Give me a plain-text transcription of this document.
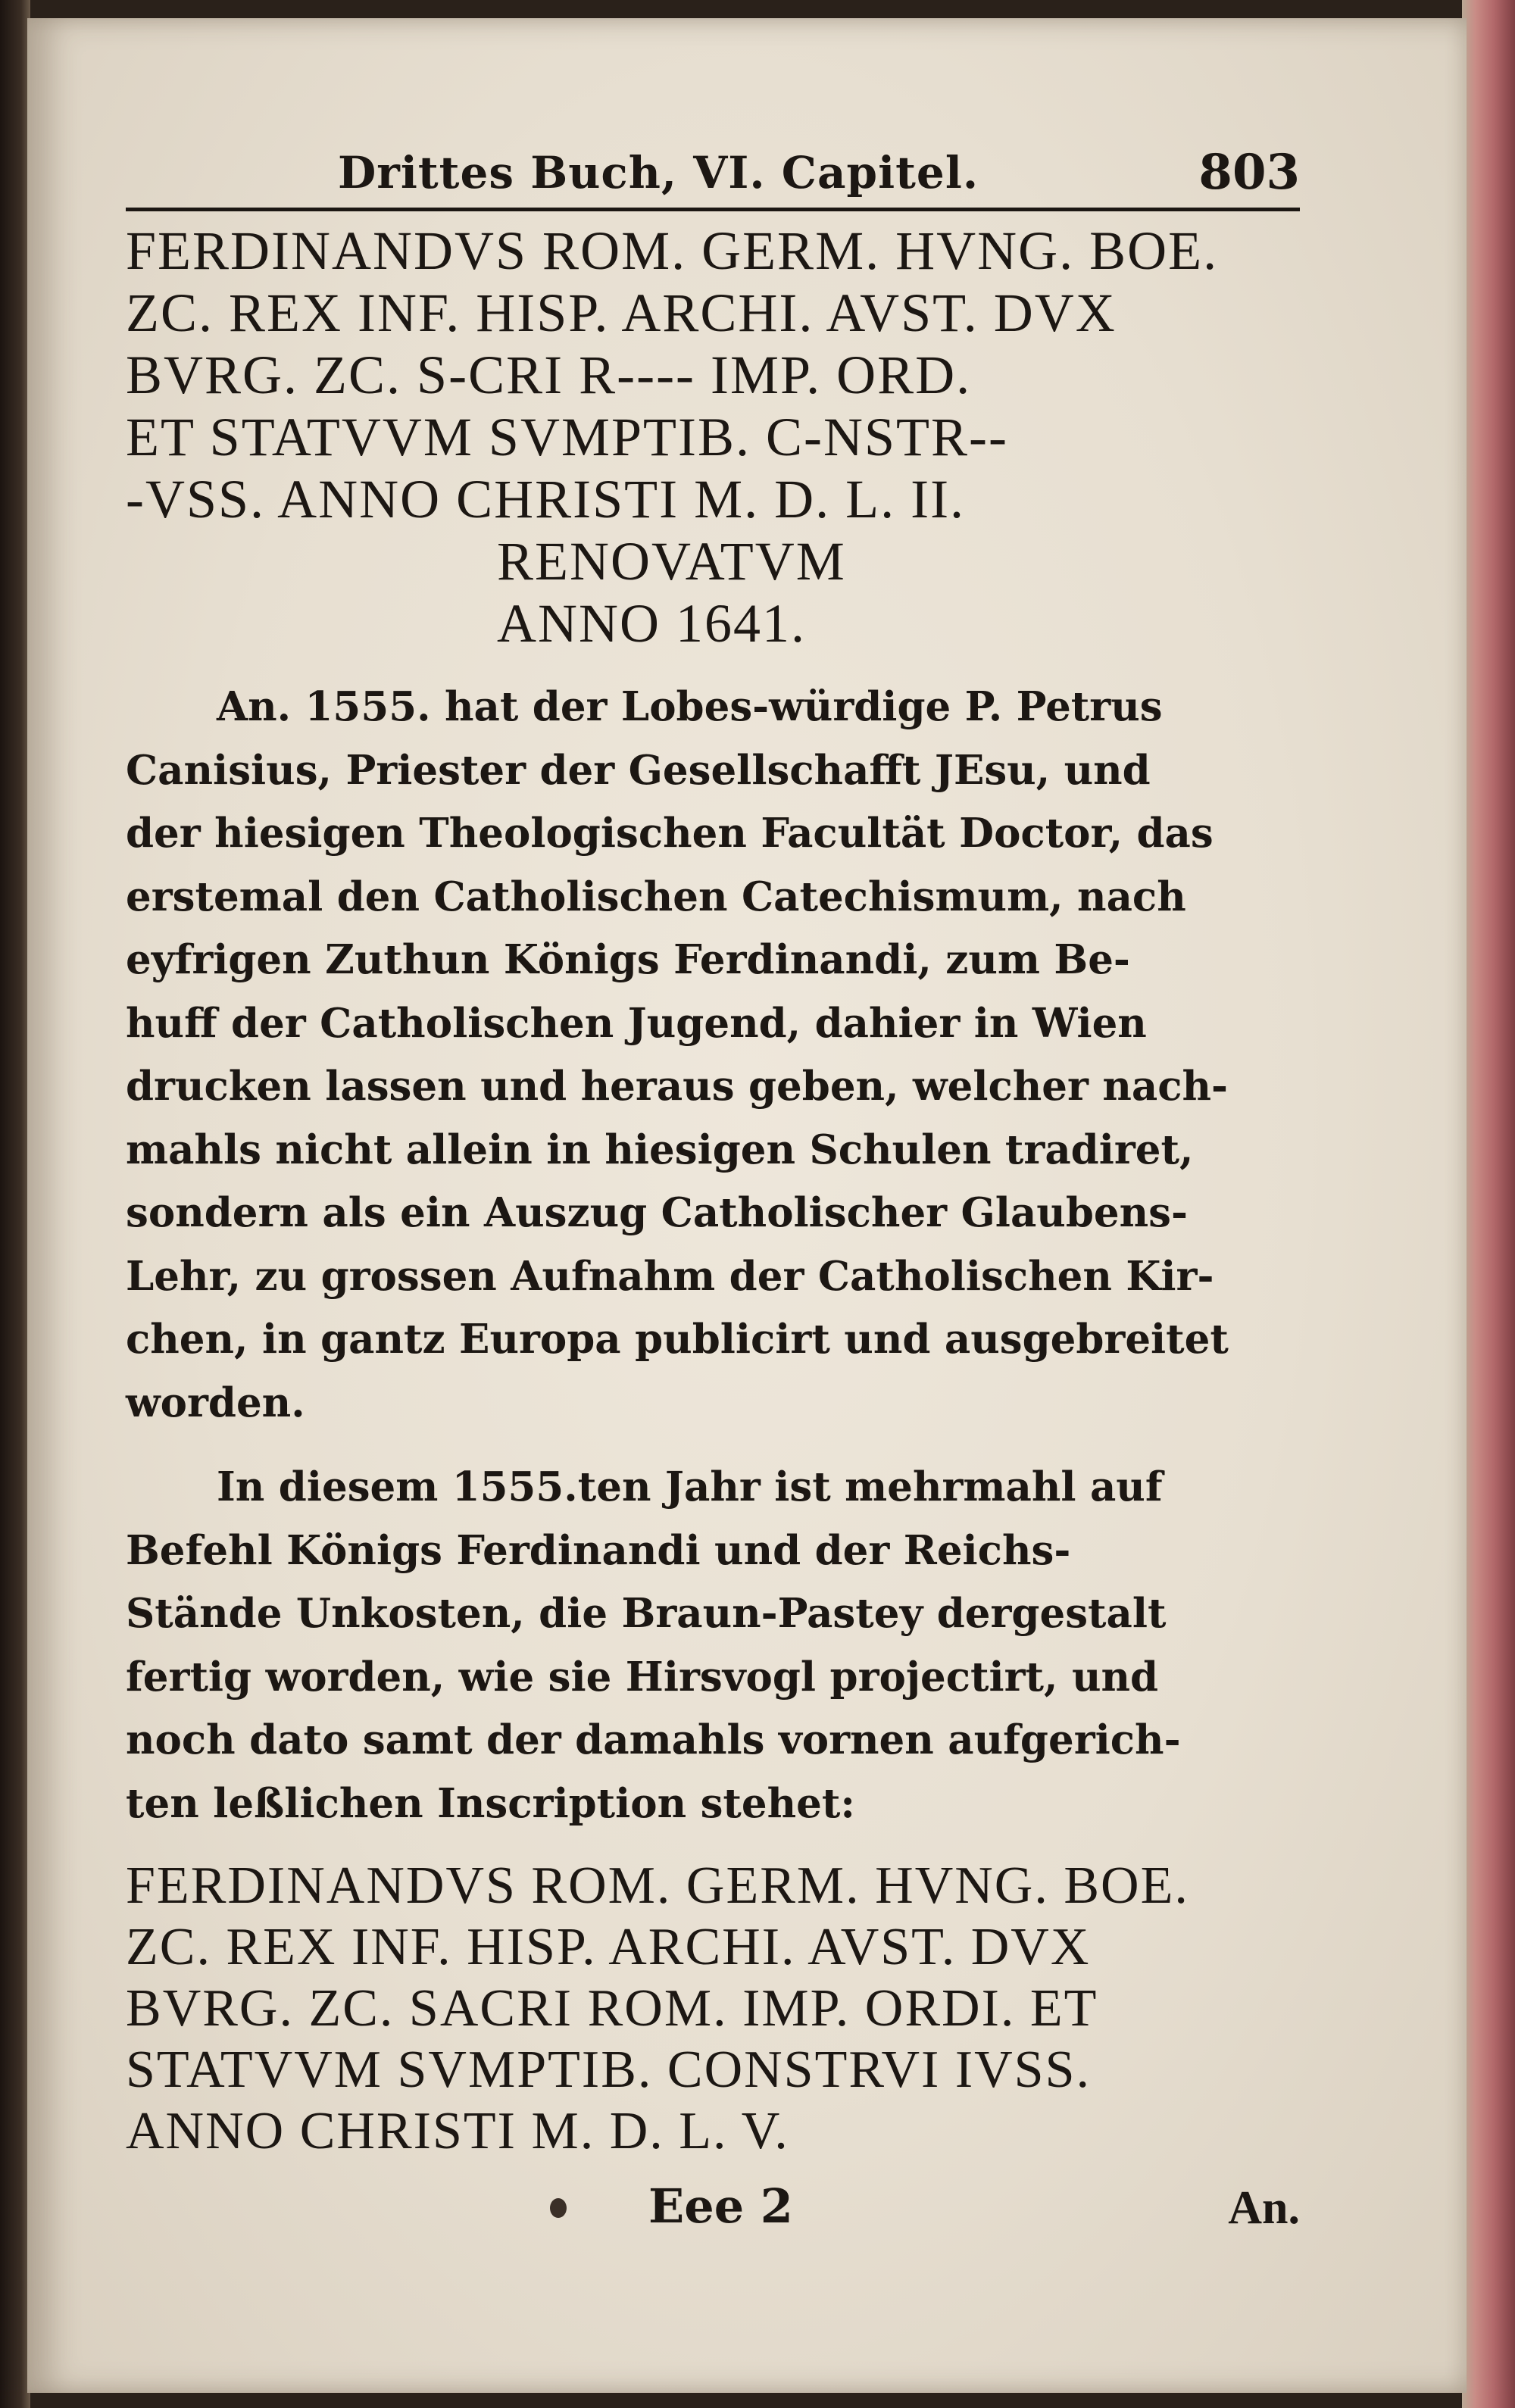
Drittes Buch, VI. Capitel.	803
FERDINANDVS ROM. GERM. HVNG. BOE.
ZC. REX INF. HISP. ARCHI. AVST. DVX
BVRG. ZC. S-CRI R---- IMP. ORD.
ET STATVVM SVMPTIB. C-NSTR--
-VSS. ANNO CHRISTI M. D. L. II.
RENOVATVM
ANNO 1641.
An. 1555. hat der Lobes-würdige P. Petrus
Canisius, Priester der Gesellschafft JEsu, und
der hiesigen Theologischen Facultät Doctor, das
erstemal den Catholischen Catechismum, nach
eyfrigen Zuthun Königs Ferdinandi, zum Be-
huff der Catholischen Jugend, dahier in Wien
drucken lassen und heraus geben, welcher nach-
mahls nicht allein in hiesigen Schulen tradiret,
sondern als ein Auszug Catholischer Glaubens-
Lehr, zu grossen Aufnahm der Catholischen Kir-
chen, in gantz Europa publicirt und ausgebreitet
worden.
In diesem 1555.ten Jahr ist mehrmahl auf
Befehl Königs Ferdinandi und der Reichs-
Stände Unkosten, die Braun-Pastey dergestalt
fertig worden, wie sie Hirsvogl projectirt, und
noch dato samt der damahls vornen aufgerich-
ten leßlichen Inscription stehet:
FERDINANDVS ROM. GERM. HVNG. BOE.
ZC. REX INF. HISP. ARCHI. AVST. DVX
BVRG. ZC. SACRI ROM. IMP. ORDI. ET
STATVVM SVMPTIB. CONSTRVI IVSS.
ANNO CHRISTI M. D. L. V.
Eee 2	An.
